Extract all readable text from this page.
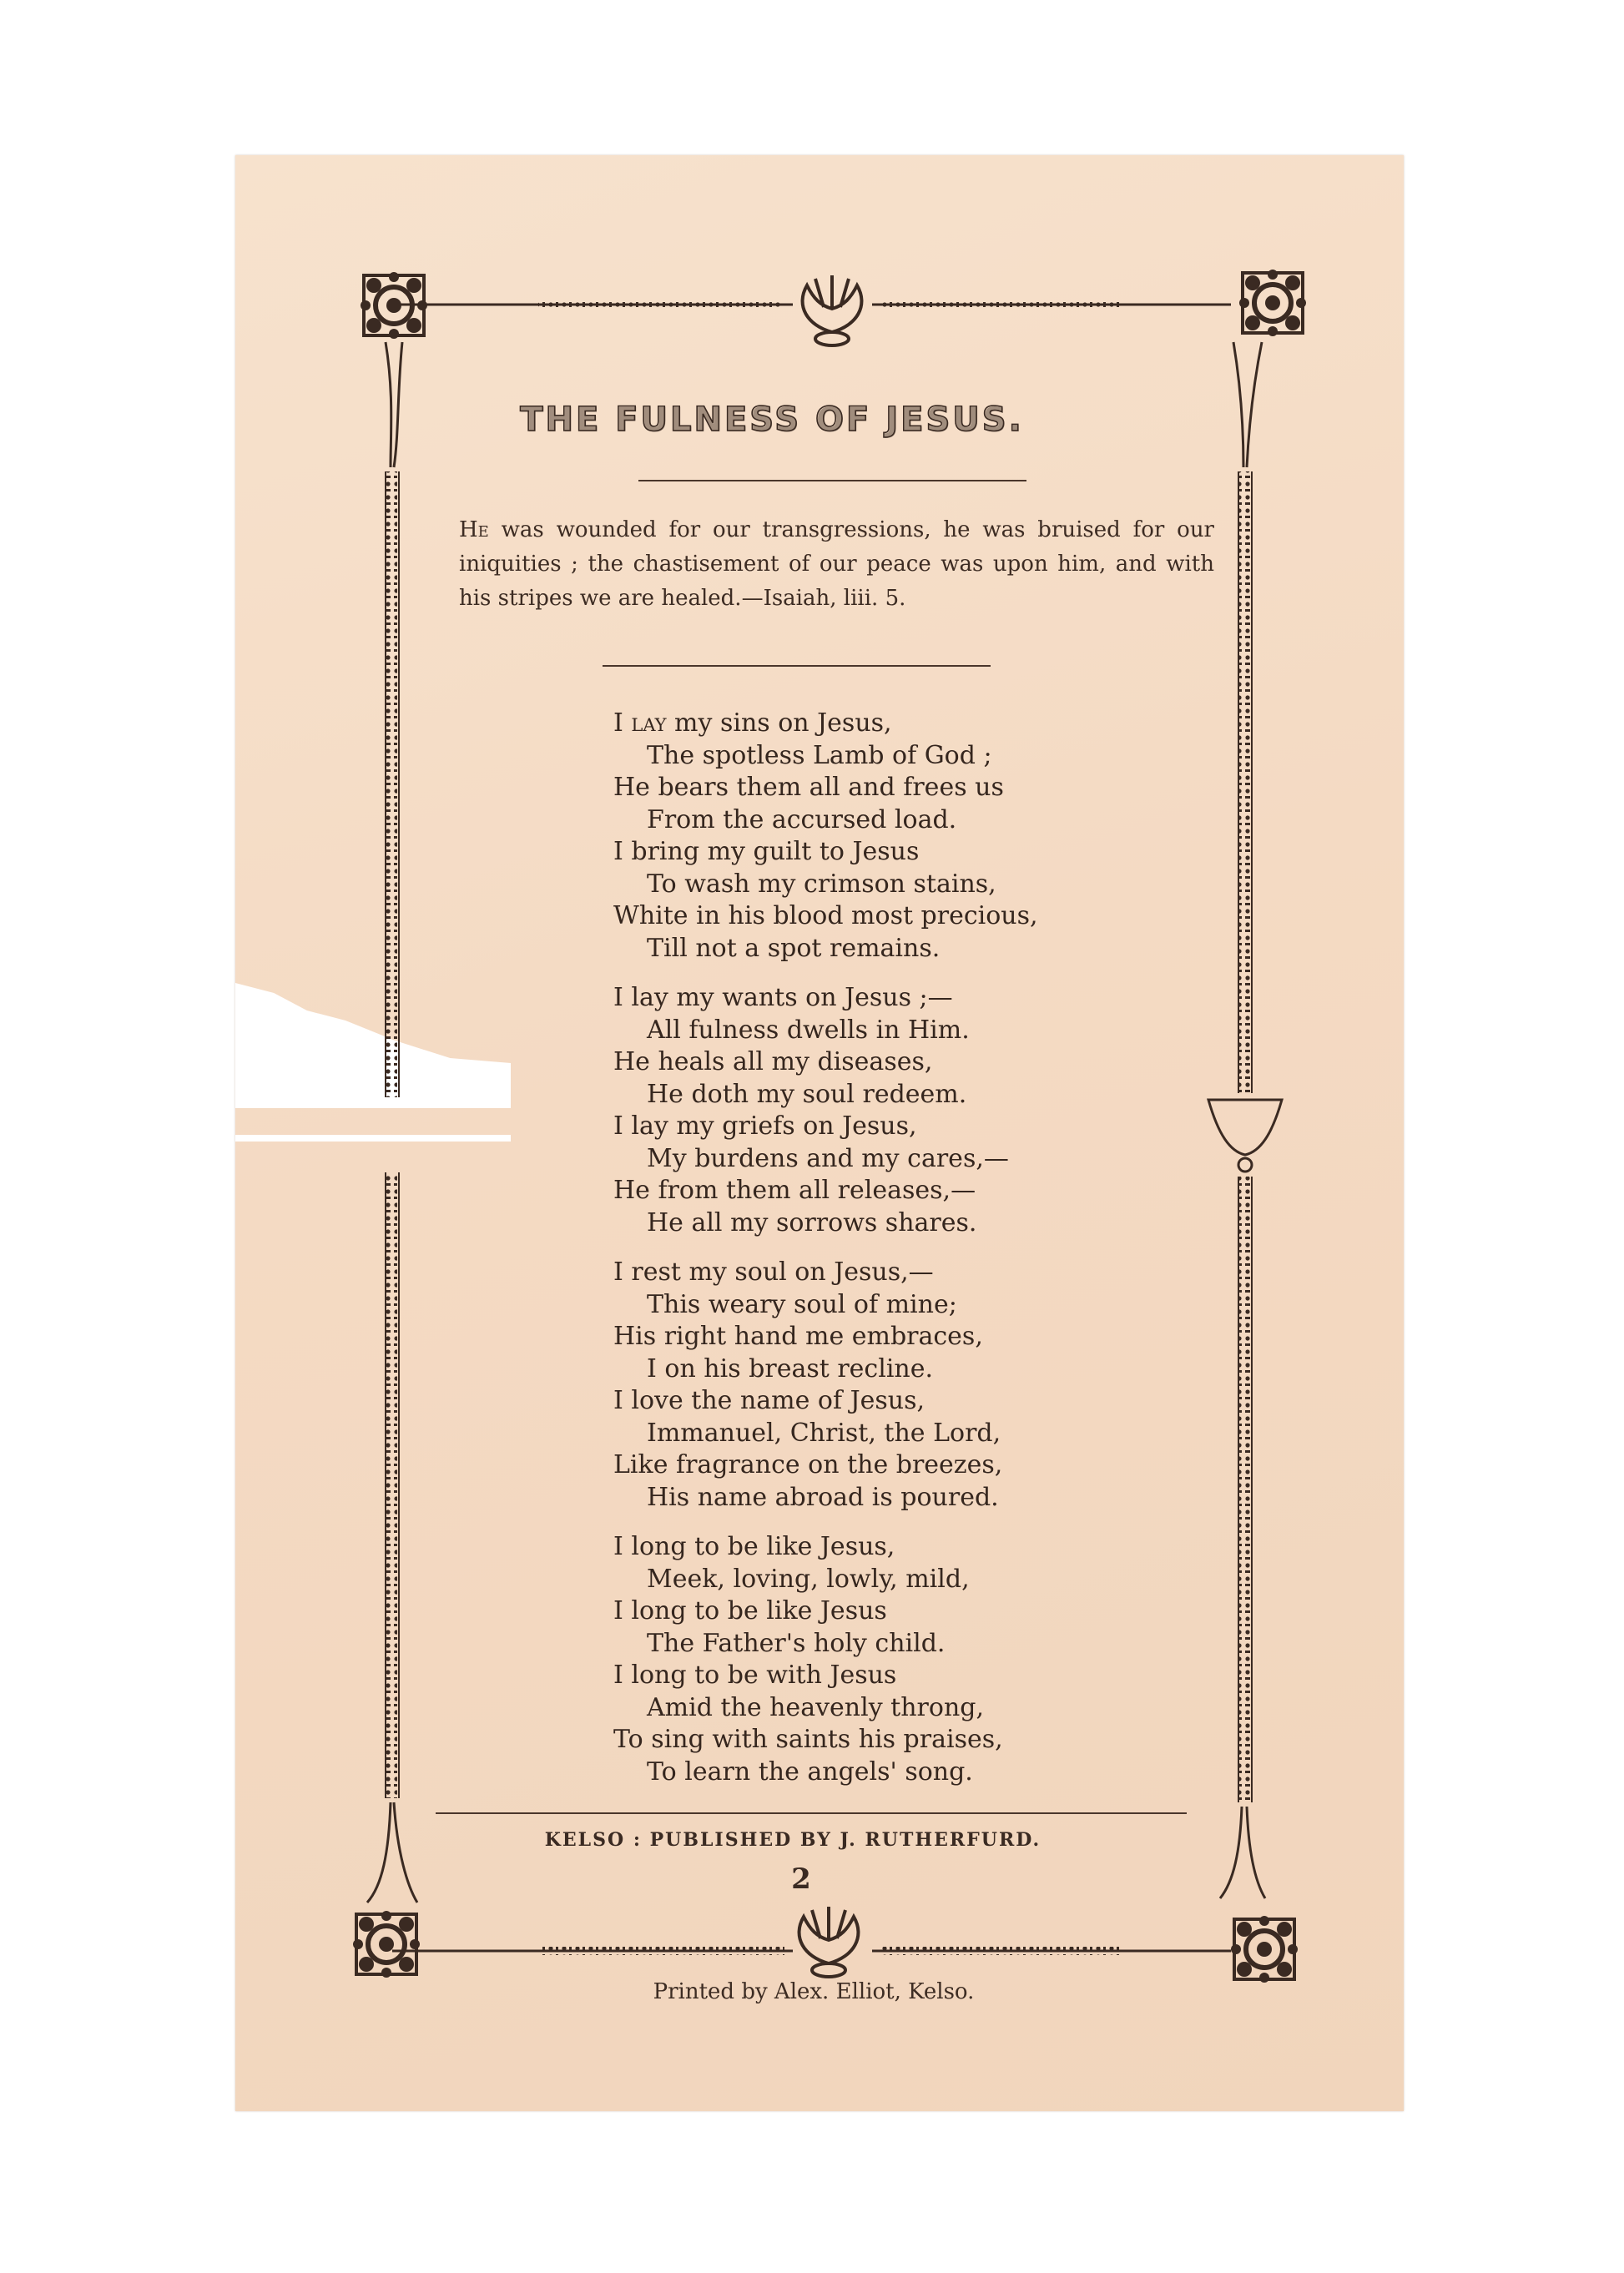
THE FULNESS OF JESUS.
He was wounded for our transgressions, he was bruised for our iniquities ; the chastisement of our peace was upon him, and with his stripes we are healed.—Isaiah, liii. 5.
I lay my sins on Jesus,
The spotless Lamb of God ;
He bears them all and frees us
From the accursed load.
I bring my guilt to Jesus
To wash my crimson stains,
White in his blood most precious,
Till not a spot remains.
I lay my wants on Jesus ;—
All fulness dwells in Him.
He heals all my diseases,
He doth my soul redeem.
I lay my griefs on Jesus,
My burdens and my cares,—
He from them all releases,—
He all my sorrows shares.
I rest my soul on Jesus,—
This weary soul of mine;
His right hand me embraces,
I on his breast recline.
I love the name of Jesus,
Immanuel, Christ, the Lord,
Like fragrance on the breezes,
His name abroad is poured.
I long to be like Jesus,
Meek, loving, lowly, mild,
I long to be like Jesus
The Father's holy child.
I long to be with Jesus
Amid the heavenly throng,
To sing with saints his praises,
To learn the angels' song.
KELSO : PUBLISHED BY J. RUTHERFURD.
2
Printed by Alex. Elliot, Kelso.
